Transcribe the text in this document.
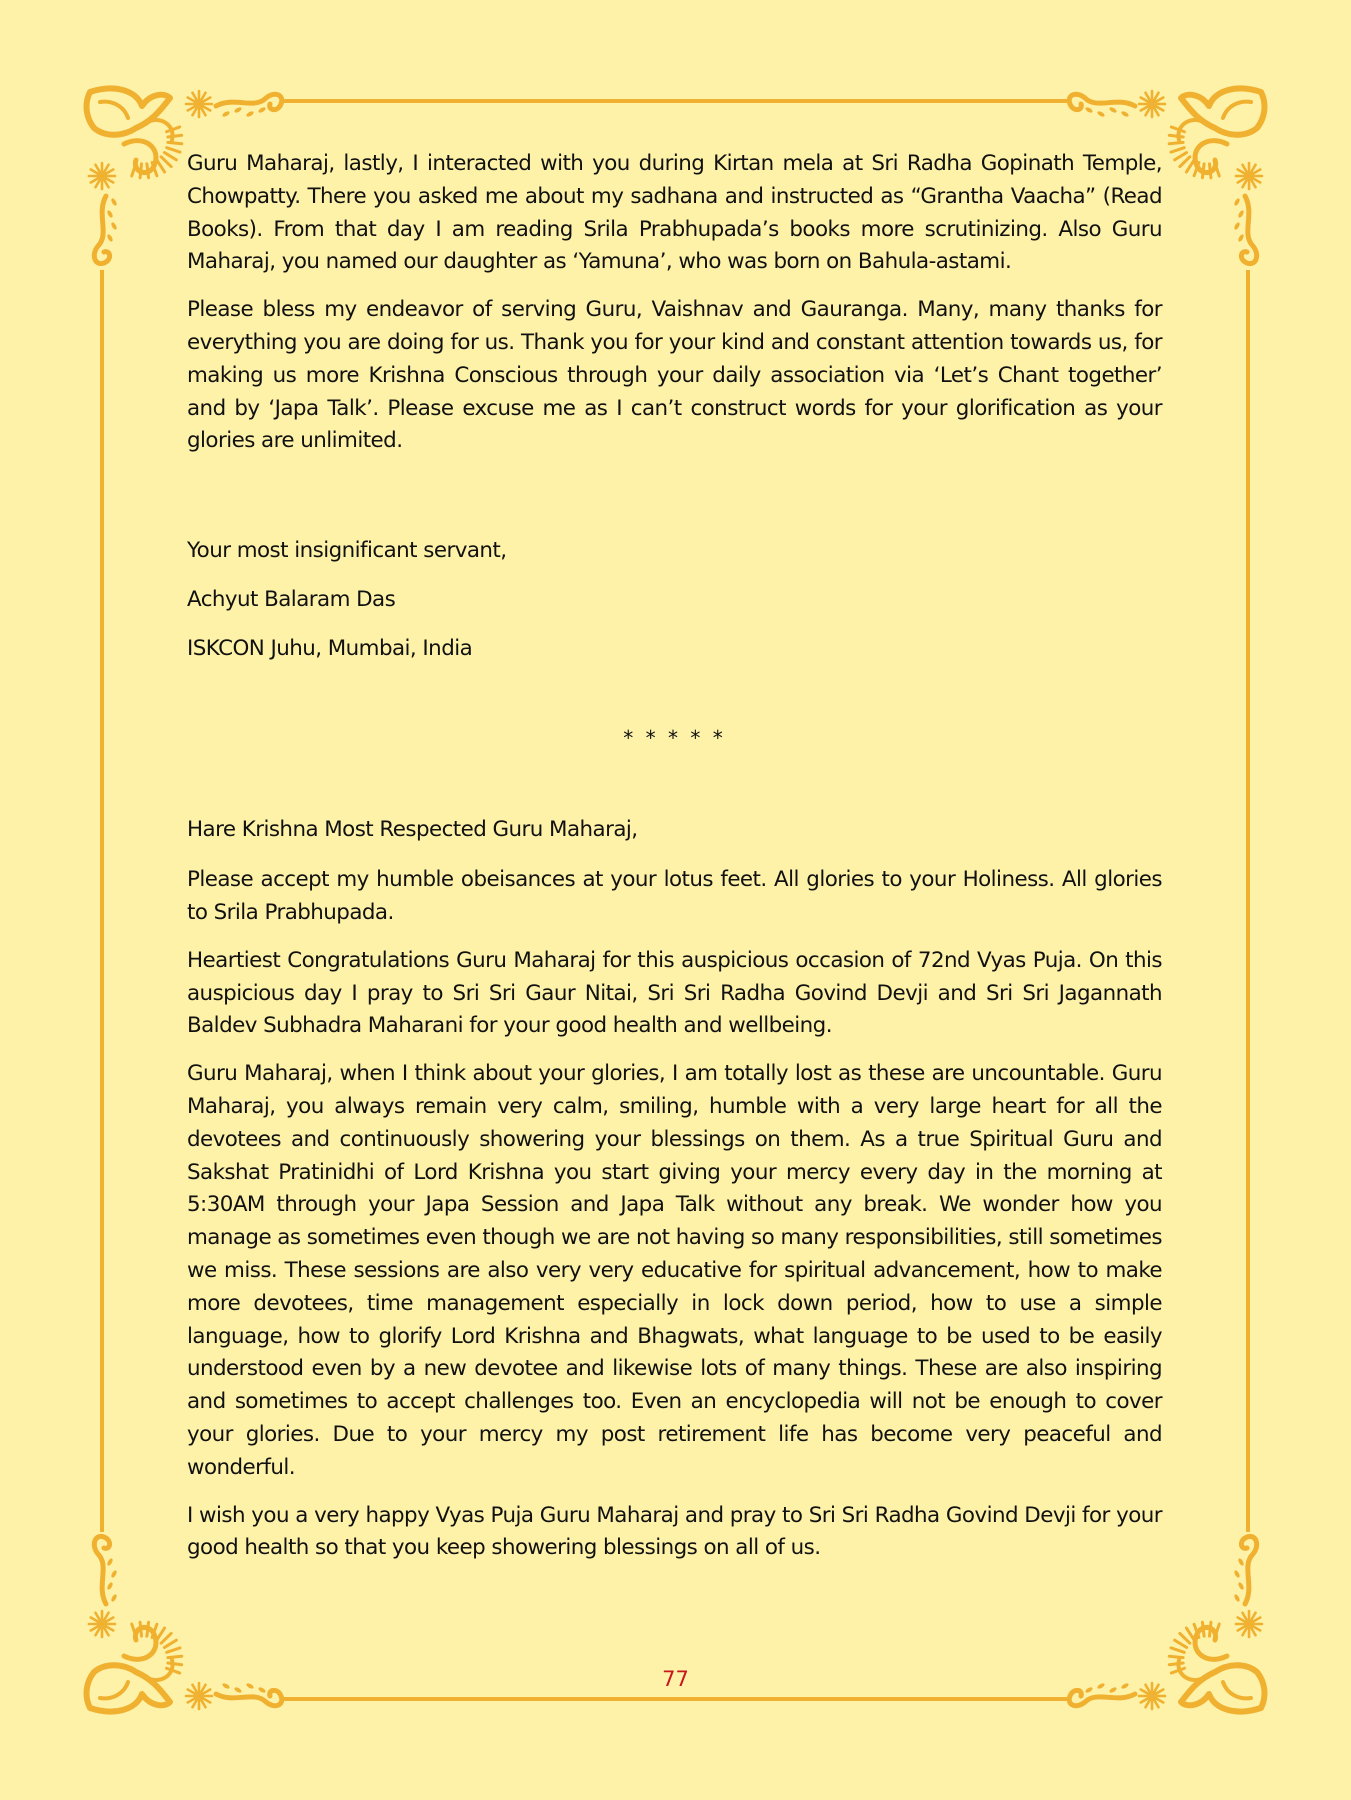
Guru Maharaj, lastly, I interacted with you during Kirtan mela at Sri Radha Gopinath Temple, Chowpatty. There you asked me about my sadhana and instructed as “Grantha Vaacha” (Read Books). From that day I am reading Srila Prabhupada’s books more scrutinizing. Also Guru Maharaj, you named our daughter as ‘Yamuna’, who was born on Bahula-astami.

Please bless my endeavor of serving Guru, Vaishnav and Gauranga. Many, many thanks for everything you are doing for us. Thank you for your kind and constant attention towards us, for making us more Krishna Conscious through your daily association via ‘Let’s Chant together’ and by ‘Japa Talk’. Please excuse me as I can’t construct words for your glorification as your glories are unlimited.

Your most insignificant servant,

Achyut Balaram Das

ISKCON Juhu, Mumbai, India

* * * * *

Hare Krishna Most Respected Guru Maharaj,

Please accept my humble obeisances at your lotus feet. All glories to your Holiness. All glories to Srila Prabhupada.

Heartiest Congratulations Guru Maharaj for this auspicious occasion of 72nd Vyas Puja. On this auspicious day I pray to Sri Sri Gaur Nitai, Sri Sri Radha Govind Devji and Sri Sri Jagannath Baldev Subhadra Maharani for your good health and wellbeing.

Guru Maharaj, when I think about your glories, I am totally lost as these are uncountable. Guru Maharaj, you always remain very calm, smiling, humble with a very large heart for all the devotees and continuously showering your blessings on them. As a true Spiritual Guru and Sakshat Pratinidhi of Lord Krishna you start giving your mercy every day in the morning at 5:30AM through your Japa Session and Japa Talk without any break. We wonder how you manage as sometimes even though we are not having so many responsibilities, still sometimes we miss. These sessions are also very very educative for spiritual advancement, how to make more devotees, time management especially in lock down period, how to use a simple language, how to glorify Lord Krishna and Bhagwats, what language to be used to be easily understood even by a new devotee and likewise lots of many things. These are also inspiring and sometimes to accept challenges too. Even an encyclopedia will not be enough to cover your glories. Due to your mercy my post retirement life has become very peaceful and wonderful.

I wish you a very happy Vyas Puja Guru Maharaj and pray to Sri Sri Radha Govind Devji for your good health so that you keep showering blessings on all of us.

77
